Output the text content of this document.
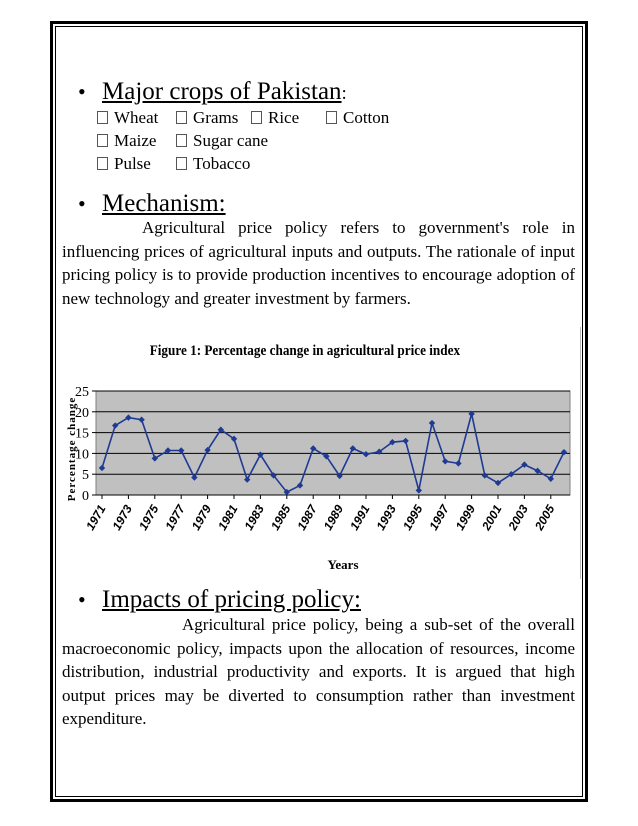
• Major crops of Pakistan:
Wheat	Grams	Rice	Cotton
Maize	Sugar cane
Pulse	Tobacco
• Mechanism:

Agricultural price policy refers to government's role in influencing prices of agricultural inputs and outputs. The rationale of input pricing policy is to provide production incentives to encourage adoption of new technology and greater investment by farmers.

Figure 1: Percentage change in agricultural price index
0
5
10
15
20
25
Percentage change
1971 1973 1975 1977 1979 1981 1983 1985 1987 1989 1991 1993 1995 1997 1999 2001 2003 2005
Years
• Impacts of pricing policy:

Agricultural price policy, being a sub-set of the overall macroeconomic policy, impacts upon the allocation of resources, income distribution, industrial productivity and exports. It is argued that high output prices may be diverted to consumption rather than investment expenditure.
